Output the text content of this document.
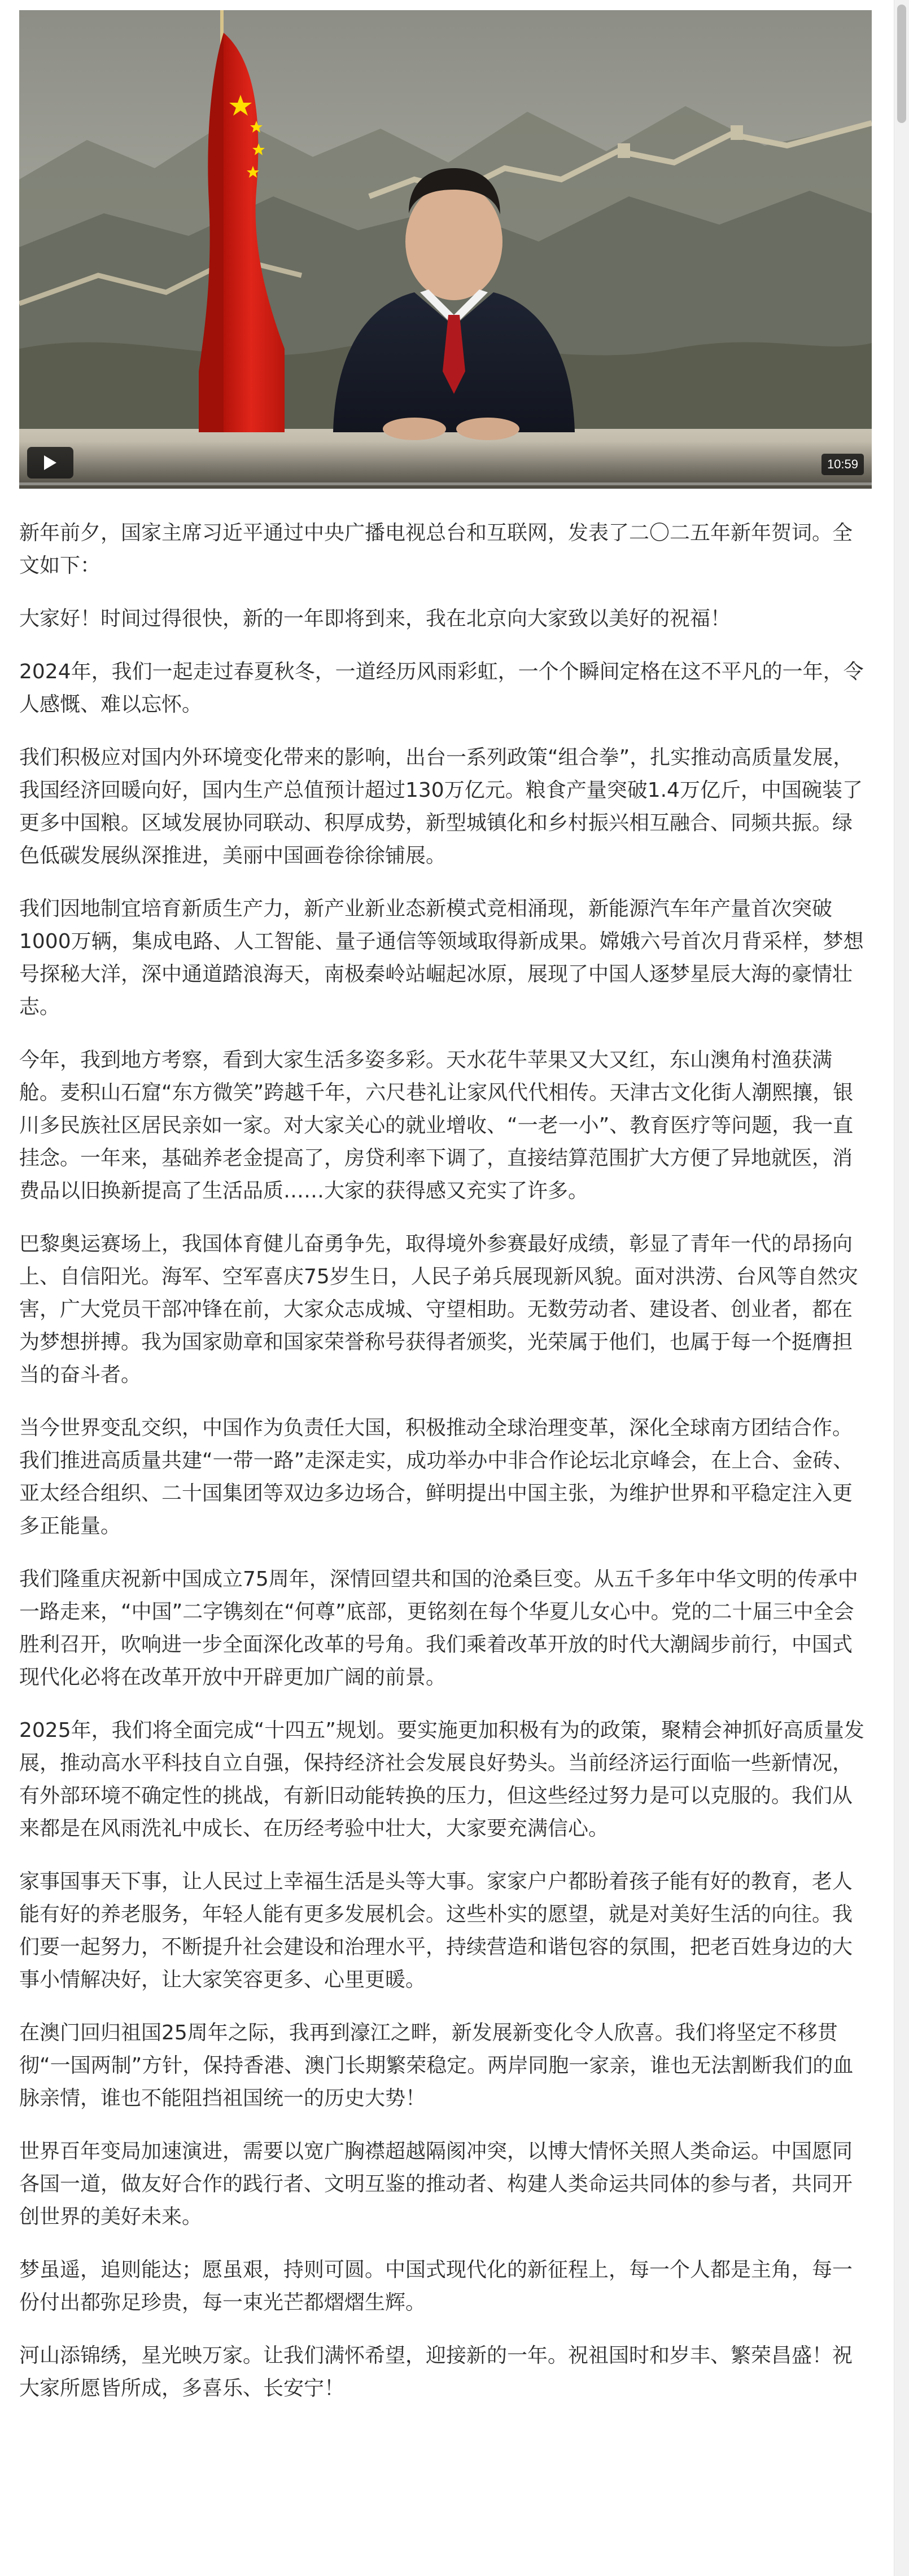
10:59

新年前夕，国家主席习近平通过中央广播电视总台和互联网，发表了二〇二五年新年贺词。全文如下：

大家好！时间过得很快，新的一年即将到来，我在北京向大家致以美好的祝福！

2024年，我们一起走过春夏秋冬，一道经历风雨彩虹，一个个瞬间定格在这不平凡的一年，令人感慨、难以忘怀。

我们积极应对国内外环境变化带来的影响，出台一系列政策“组合拳”，扎实推动高质量发展，我国经济回暖向好，国内生产总值预计超过130万亿元。粮食产量突破1.4万亿斤，中国碗装了更多中国粮。区域发展协同联动、积厚成势，新型城镇化和乡村振兴相互融合、同频共振。绿色低碳发展纵深推进，美丽中国画卷徐徐铺展。

我们因地制宜培育新质生产力，新产业新业态新模式竞相涌现，新能源汽车年产量首次突破1000万辆，集成电路、人工智能、量子通信等领域取得新成果。嫦娥六号首次月背采样，梦想号探秘大洋，深中通道踏浪海天，南极秦岭站崛起冰原，展现了中国人逐梦星辰大海的豪情壮志。

今年，我到地方考察，看到大家生活多姿多彩。天水花牛苹果又大又红，东山澳角村渔获满舱。麦积山石窟“东方微笑”跨越千年，六尺巷礼让家风代代相传。天津古文化街人潮熙攘，银川多民族社区居民亲如一家。对大家关心的就业增收、“一老一小”、教育医疗等问题，我一直挂念。一年来，基础养老金提高了，房贷利率下调了，直接结算范围扩大方便了异地就医，消费品以旧换新提高了生活品质……大家的获得感又充实了许多。

巴黎奥运赛场上，我国体育健儿奋勇争先，取得境外参赛最好成绩，彰显了青年一代的昂扬向上、自信阳光。海军、空军喜庆75岁生日，人民子弟兵展现新风貌。面对洪涝、台风等自然灾害，广大党员干部冲锋在前，大家众志成城、守望相助。无数劳动者、建设者、创业者，都在为梦想拼搏。我为国家勋章和国家荣誉称号获得者颁奖，光荣属于他们，也属于每一个挺膺担当的奋斗者。

当今世界变乱交织，中国作为负责任大国，积极推动全球治理变革，深化全球南方团结合作。我们推进高质量共建“一带一路”走深走实，成功举办中非合作论坛北京峰会，在上合、金砖、亚太经合组织、二十国集团等双边多边场合，鲜明提出中国主张，为维护世界和平稳定注入更多正能量。

我们隆重庆祝新中国成立75周年，深情回望共和国的沧桑巨变。从五千多年中华文明的传承中一路走来，“中国”二字镌刻在“何尊”底部，更铭刻在每个华夏儿女心中。党的二十届三中全会胜利召开，吹响进一步全面深化改革的号角。我们乘着改革开放的时代大潮阔步前行，中国式现代化必将在改革开放中开辟更加广阔的前景。

2025年，我们将全面完成“十四五”规划。要实施更加积极有为的政策，聚精会神抓好高质量发展，推动高水平科技自立自强，保持经济社会发展良好势头。当前经济运行面临一些新情况，有外部环境不确定性的挑战，有新旧动能转换的压力，但这些经过努力是可以克服的。我们从来都是在风雨洗礼中成长、在历经考验中壮大，大家要充满信心。

家事国事天下事，让人民过上幸福生活是头等大事。家家户户都盼着孩子能有好的教育，老人能有好的养老服务，年轻人能有更多发展机会。这些朴实的愿望，就是对美好生活的向往。我们要一起努力，不断提升社会建设和治理水平，持续营造和谐包容的氛围，把老百姓身边的大事小情解决好，让大家笑容更多、心里更暖。

在澳门回归祖国25周年之际，我再到濠江之畔，新发展新变化令人欣喜。我们将坚定不移贯彻“一国两制”方针，保持香港、澳门长期繁荣稳定。两岸同胞一家亲，谁也无法割断我们的血脉亲情，谁也不能阻挡祖国统一的历史大势！

世界百年变局加速演进，需要以宽广胸襟超越隔阂冲突，以博大情怀关照人类命运。中国愿同各国一道，做友好合作的践行者、文明互鉴的推动者、构建人类命运共同体的参与者，共同开创世界的美好未来。

梦虽遥，追则能达；愿虽艰，持则可圆。中国式现代化的新征程上，每一个人都是主角，每一份付出都弥足珍贵，每一束光芒都熠熠生辉。

河山添锦绣，星光映万家。让我们满怀希望，迎接新的一年。祝祖国时和岁丰、繁荣昌盛！祝大家所愿皆所成，多喜乐、长安宁！
